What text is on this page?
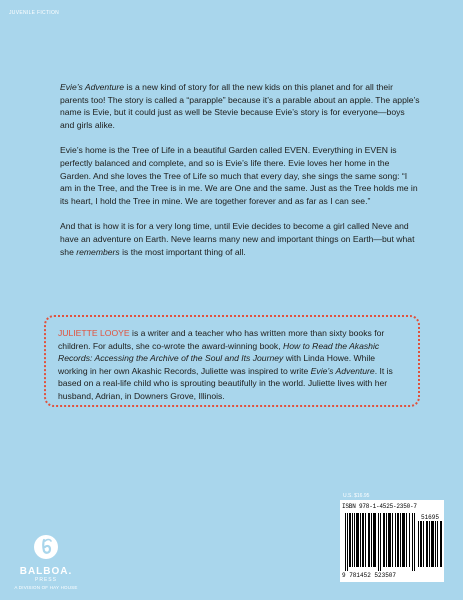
JUVENILE FICTION

Evie’s Adventure is a new kind of story for all the new kids on this planet and for all their parents too! The story is called a “parapple” because it’s a parable about an apple. The apple’s name is Evie, but it could just as well be Stevie because Evie’s story is for everyone—boys and girls alike.

Evie’s home is the Tree of Life in a beautiful Garden called EVEN. Everything in EVEN is perfectly balanced and complete, and so is Evie’s life there. Evie loves her home in the Garden. And she loves the Tree of Life so much that every day, she sings the same song: “I am in the Tree, and the Tree is in me. We are One and the same. Just as the Tree holds me in its heart, I hold the Tree in mine. We are together forever and as far as I can see.”

And that is how it is for a very long time, until Evie decides to become a girl called Neve and have an adventure on Earth. Neve learns many new and important things on Earth—but what she remembers is the most important thing of all.

JULIETTE LOOYE is a writer and a teacher who has written more than sixty books for children. For adults, she co-wrote the award-winning book, How to Read the Akashic Records: Accessing the Archive of the Soul and Its Journey with Linda Howe. While working in her own Akashic Records, Juliette was inspired to write Evie’s Adventure. It is based on a real-life child who is sprouting beautifully in the world. Juliette lives with her husband, Adrian, in Downers Grove, Illinois.
U.S. $16.95
ISBN 978-1-4525-2350-7
51695
9 781452 523507
BALBOA.
PRESS
A DIVISION OF HAY HOUSE
